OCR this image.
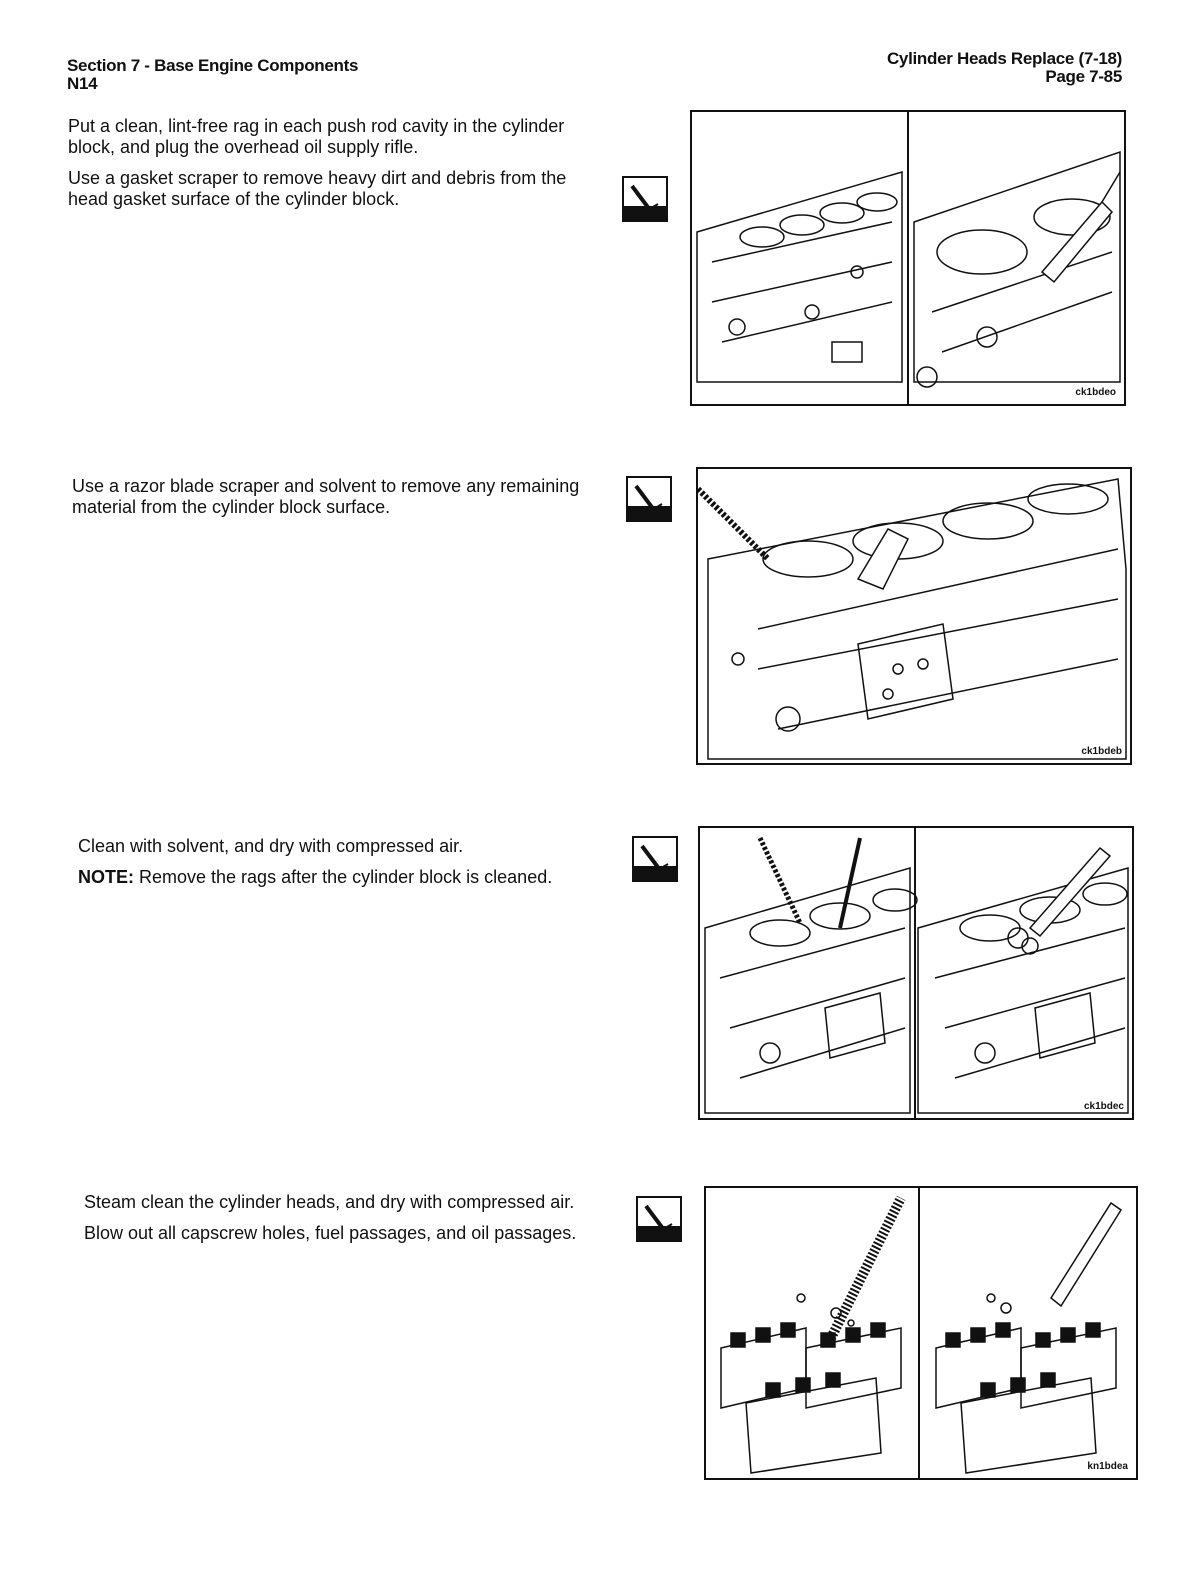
Section 7 - Base Engine Components
N14
Cylinder Heads Replace (7-18)
Page 7-85

Put a clean, lint-free rag in each push rod cavity in the cylinder block, and plug the overhead oil supply rifle.

Use a gasket scraper to remove heavy dirt and debris from the head gasket surface of the cylinder block.

ck1bdeo

Use a razor blade scraper and solvent to remove any remaining material from the cylinder block surface.

ck1bdeb

Clean with solvent, and dry with compressed air.

NOTE: Remove the rags after the cylinder block is cleaned.

ck1bdec

Steam clean the cylinder heads, and dry with compressed air.

Blow out all capscrew holes, fuel passages, and oil passages.

kn1bdea
